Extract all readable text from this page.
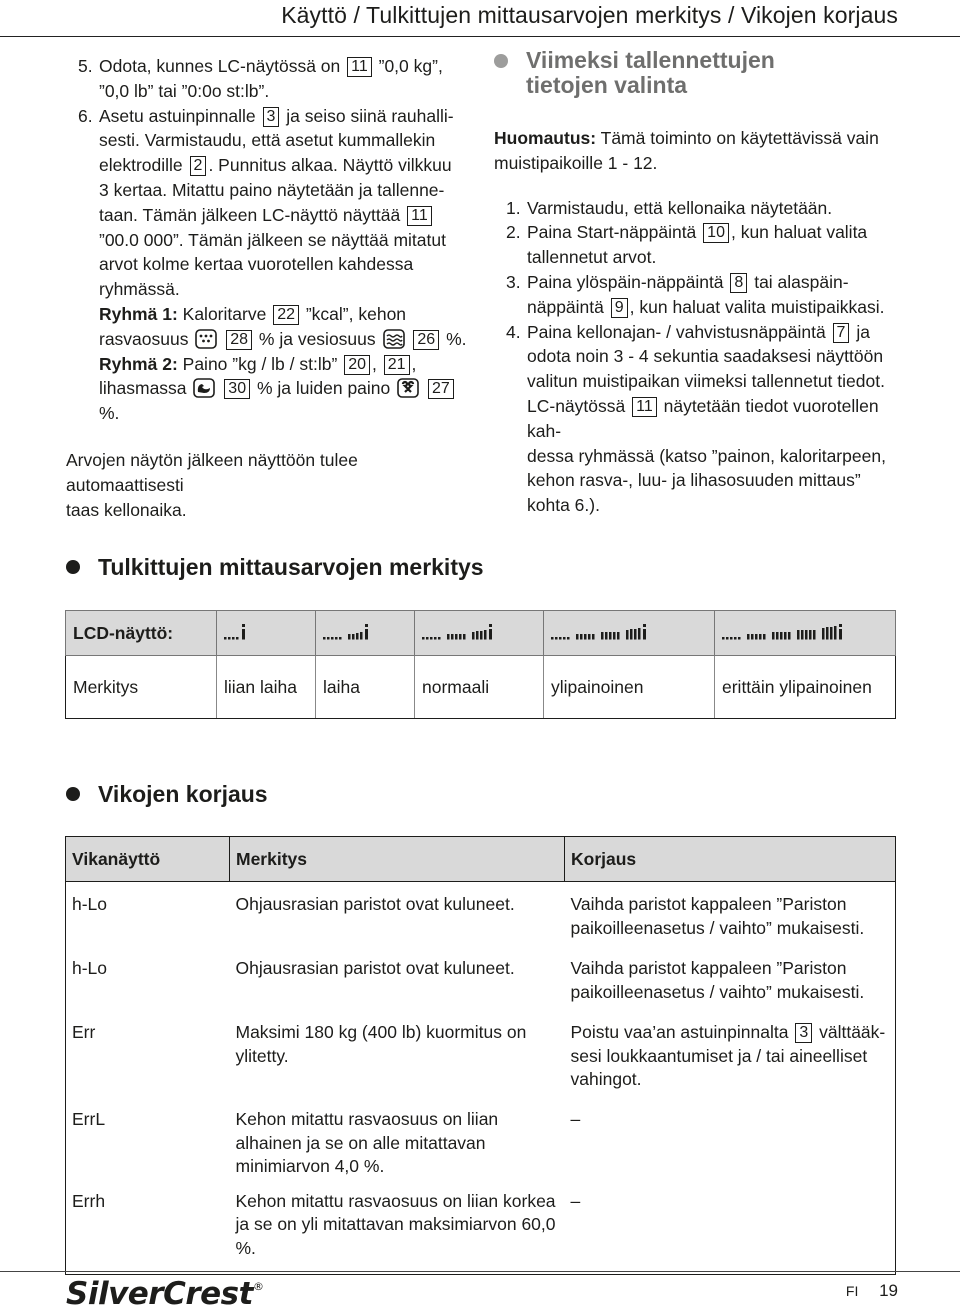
Käyttö / Tulkittujen mittausarvojen merkitys / Vikojen korjaus
5. Odota, kunnes LC-näytössä on 11 ”0,0 kg”,
”0,0 lb” tai ”0:0o st:lb”.
6. Asetu astuinpinnalle 3 ja seiso siinä rauhalli-
sesti. Varmistaudu, että asetut kummallekin
elektrodille 2 . Punnitus alkaa. Näyttö vilkkuu
3 kertaa. Mitattu paino näytetään ja tallenne-
taan. Tämän jälkeen LC-näyttö näyttää 11
”00.0 000”. Tämän jälkeen se näyttää mitatut
arvot kolme kertaa vuorotellen kahdessa
ryhmässä.
Ryhmä 1: Kaloritarve 22 ”kcal”, kehon
rasvaosuus	28 % ja vesiosuus	26 %.
Ryhmä 2: Paino ”kg / lb / st:lb” 20 , 21 ,
lihasmassa	30 % ja luiden paino	27 %.
Arvojen näytön jälkeen näyttöön tulee automaattisesti
taas kellonaika.
Viimeksi tallennettujen
tietojen valinta
Huomautus: Tämä toiminto on käytettävissä vain
muistipaikoille 1 - 12.
1. Varmistaudu, että kellonaika näytetään.
2. Paina Start-näppäintä 10 , kun haluat valita
tallennetut arvot.
3. Paina ylöspäin-näppäintä 8 tai alaspäin-
näppäintä 9 , kun haluat valita muistipaikkasi.
4. Paina kellonajan- / vahvistusnäppäintä 7 ja
odota noin 3 - 4 sekuntia saadaksesi näyttöön
valitun muistipaikan viimeksi tallennetut tiedot.
LC-näytössä 11 näytetään tiedot vuorotellen kah-
dessa ryhmässä (katso ”painon, kaloritarpeen,
kehon rasva-, luu- ja lihasosuuden mittaus”
kohta 6.).
Tulkittujen mittausarvojen merkitys
LCD-näyttö:	

Merkitys	liian laiha	laiha	normaali	ylipainoinen	erittäin ylipainoinen
Vikojen korjaus
Vikanäyttö	Merkitys	Korjaus
h-Lo	Ohjausrasian paristot ovat kuluneet.	Vaihda paristot kappaleen ”Pariston paikoilleenasetus / vaihto” mukaisesti.
h-Lo	Ohjausrasian paristot ovat kuluneet.	Vaihda paristot kappaleen ”Pariston paikoilleenasetus / vaihto” mukaisesti.
Err	Maksimi 180 kg (400 lb) kuormitus on ylitetty.	Poistu vaa’an astuinpinnalta 3 välttääk-sesi loukkaantumiset ja / tai aineelliset vahingot.
ErrL	Kehon mitattu rasvaosuus on liian alhainen ja se on alle mitattavan minimiarvon 4,0 %.	–
Errh	Kehon mitattu rasvaosuus on liian korkea ja se on yli mitattavan maksimiarvon 60,0 %.	–
SilverCrest®	FI 19
